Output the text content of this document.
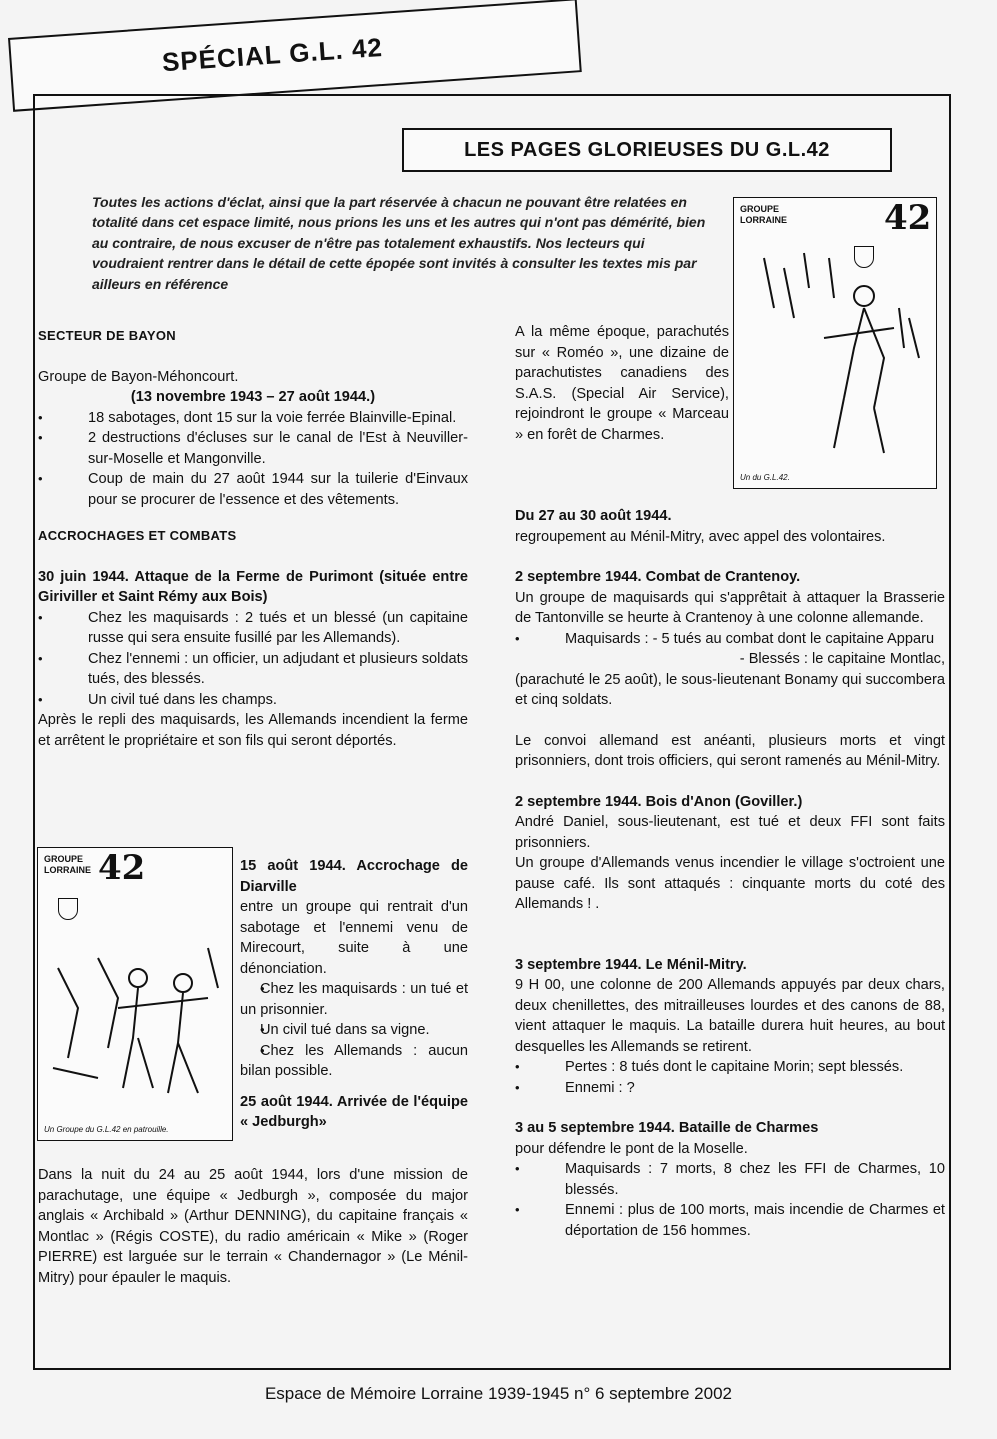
SPÉCIAL G.L. 42
LES PAGES GLORIEUSES DU G.L.42
Toutes les actions d'éclat, ainsi que la part réservée à chacun ne pouvant être relatées en totalité dans cet espace limité, nous prions les uns et les autres qui n'ont pas démérité, bien au contraire, de nous excuser de n'être pas totalement exhaustifs. Nos lecteurs qui voudraient rentrer dans le détail de cette épopée sont invités à consulter les textes mis par ailleurs en référence
GROUPE
LORRAINE	42
Un du G.L.42.
GROUPE
LORRAINE 42
Un Groupe du G.L.42 en patrouille.
SECTEUR DE BAYON
Groupe de Bayon-Méhoncourt.
(13 novembre 1943 – 27 août 1944.)
• 18 sabotages, dont 15 sur la voie ferrée Blainville-Epinal.
• 2 destructions d'écluses sur le canal de l'Est à Neuviller-sur-Moselle et Mangonville.
• Coup de main du 27 août 1944 sur la tuilerie d'Einvaux pour se procurer de l'essence et des vêtements.
ACCROCHAGES ET COMBATS
30 juin 1944. Attaque de la Ferme de Purimont (située entre Giriviller et Saint Rémy aux Bois)
• Chez les maquisards : 2 tués et un blessé (un capitaine russe qui sera ensuite fusillé par les Allemands).
• Chez l'ennemi : un officier, un adjudant et plusieurs soldats tués, des blessés.
• Un civil tué dans les champs.
Après le repli des maquisards, les Allemands incendient la ferme et arrêtent le propriétaire et son fils qui seront déportés.
15 août 1944. Accrochage de Diarville
entre un groupe qui rentrait d'un sabotage et l'ennemi venu de Mirecourt, suite à une dénonciation.
• Chez les maquisards : un tué et un prisonnier.
• Un civil tué dans sa vigne.
• Chez les Allemands : aucun bilan possible.
25 août 1944. Arrivée de l'équipe « Jedburgh»
Dans la nuit du 24 au 25 août 1944, lors d'une mission de parachutage, une équipe « Jedburgh », composée du major anglais « Archibald » (Arthur DENNING), du capitaine français « Montlac » (Régis COSTE), du radio américain « Mike » (Roger PIERRE) est larguée sur le terrain « Chandernagor » (Le Ménil-Mitry) pour épauler le maquis.
A la même époque, parachutés sur « Roméo », une dizaine de parachutistes canadiens des S.A.S. (Special Air Service), rejoindront le groupe « Marceau » en forêt de Charmes.
Du 27 au 30 août 1944.
regroupement au Ménil-Mitry, avec appel des volontaires.
2 septembre 1944. Combat de Crantenoy.
Un groupe de maquisards qui s'apprêtait à attaquer la Brasserie de Tantonville se heurte à Crantenoy à une colonne allemande.
• Maquisards : - 5 tués au combat dont le capitaine Apparu
- Blessés : le capitaine Montlac,
(parachuté le 25 août), le sous-lieutenant Bonamy qui succombera et cinq soldats.
Le convoi allemand est anéanti, plusieurs morts et vingt prisonniers, dont trois officiers, qui seront ramenés au Ménil-Mitry.
2 septembre 1944. Bois d'Anon (Goviller.)
André Daniel, sous-lieutenant, est tué et deux FFI sont faits prisonniers.
Un groupe d'Allemands venus incendier le village s'octroient une pause café. Ils sont attaqués : cinquante morts du coté des Allemands ! .
3 septembre 1944. Le Ménil-Mitry.
9 H 00, une colonne de 200 Allemands appuyés par deux chars, deux chenillettes, des mitrailleuses lourdes et des canons de 88, vient attaquer le maquis. La bataille durera huit heures, au bout desquelles les Allemands se retirent.
• Pertes : 8 tués dont le capitaine Morin; sept blessés.
• Ennemi : ?
3 au 5 septembre 1944. Bataille de Charmes
pour défendre le pont de la Moselle.
• Maquisards : 7 morts, 8 chez les FFI de Charmes, 10 blessés.
• Ennemi : plus de 100 morts, mais incendie de Charmes et déportation de 156 hommes.
Espace de Mémoire Lorraine 1939-1945 n° 6 septembre 2002
